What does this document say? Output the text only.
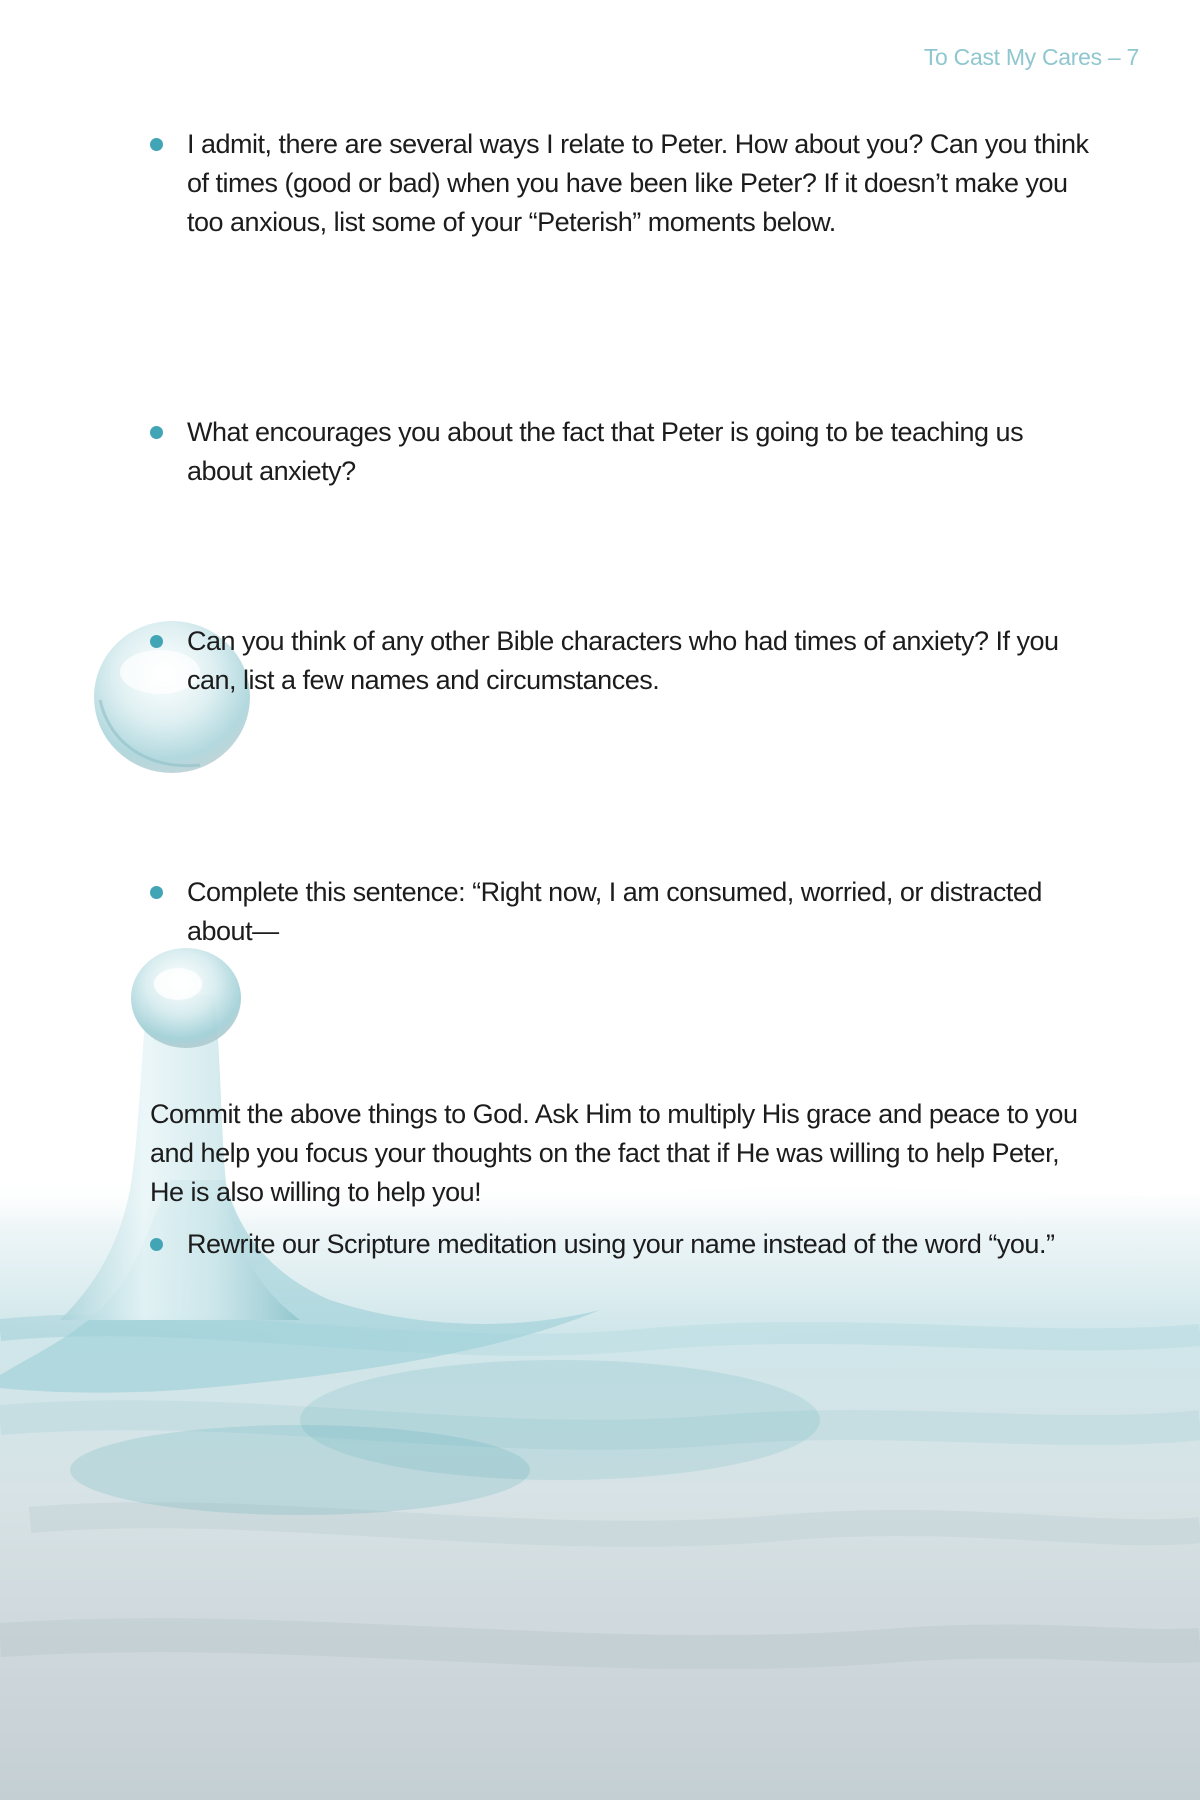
To Cast My Cares – 7
I admit, there are several ways I relate to Peter. How about you? Can you think of times (good or bad) when you have been like Peter? If it doesn’t make you too anxious, list some of your “Peterish” moments below.
What encourages you about the fact that Peter is going to be teaching us about anxiety?
Can you think of any other Bible characters who had times of anxiety? If you can, list a few names and circumstances.
Complete this sentence: “Right now, I am consumed, worried, or distracted about—
Commit the above things to God. Ask Him to multiply His grace and peace to you and help you focus your thoughts on the fact that if He was willing to help Peter, He is also willing to help you!
Rewrite our Scripture meditation using your name instead of the word “you.”
